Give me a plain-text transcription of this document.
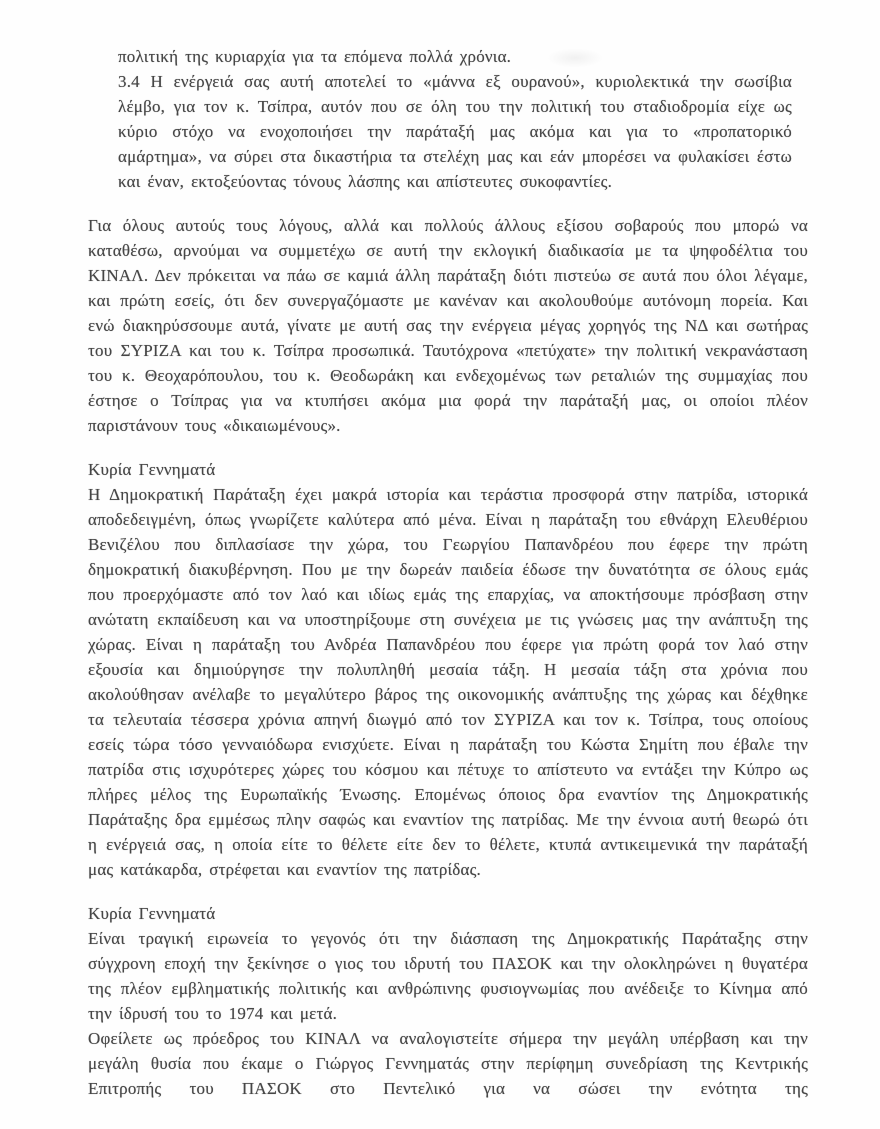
πολιτική της κυριαρχία για τα επόμενα πολλά χρόνια.

3.4 Η ενέργειά σας αυτή αποτελεί το «μάννα εξ ουρανού», κυριολεκτικά την σωσίβια λέμβο, για τον κ. Τσίπρα, αυτόν που σε όλη του την πολιτική του σταδιοδρομία είχε ως κύριο στόχο να ενοχοποιήσει την παράταξή μας ακόμα και για το «προπατορικό αμάρτημα», να σύρει στα δικαστήρια τα στελέχη μας και εάν μπορέσει να φυλακίσει έστω και έναν, εκτοξεύοντας τόνους λάσπης και απίστευτες συκοφαντίες.

Για όλους αυτούς τους λόγους, αλλά και πολλούς άλλους εξίσου σοβαρούς που μπορώ να καταθέσω, αρνούμαι να συμμετέχω σε αυτή την εκλογική διαδικασία με τα ψηφοδέλτια του ΚΙΝΑΛ. Δεν πρόκειται να πάω σε καμιά άλλη παράταξη διότι πιστεύω σε αυτά που όλοι λέγαμε, και πρώτη εσείς, ότι δεν συνεργαζόμαστε με κανέναν και ακολουθούμε αυτόνομη πορεία. Και ενώ διακηρύσσουμε αυτά, γίνατε με αυτή σας την ενέργεια μέγας χορηγός της ΝΔ και σωτήρας του ΣΥΡΙΖΑ και του κ. Τσίπρα προσωπικά. Ταυτόχρονα «πετύχατε» την πολιτική νεκρανάσταση του κ. Θεοχαρόπουλου, του κ. Θεοδωράκη και ενδεχομένως των ρεταλιών της συμμαχίας που έστησε ο Τσίπρας για να κτυπήσει ακόμα μια φορά την παράταξή μας, οι οποίοι πλέον παριστάνουν τους «δικαιωμένους».

Κυρία Γεννηματά

Η Δημοκρατική Παράταξη έχει μακρά ιστορία και τεράστια προσφορά στην πατρίδα, ιστορικά αποδεδειγμένη, όπως γνωρίζετε καλύτερα από μένα. Είναι η παράταξη του εθνάρχη Ελευθέριου Βενιζέλου που διπλασίασε την χώρα, του Γεωργίου Παπανδρέου που έφερε την πρώτη δημοκρατική διακυβέρνηση. Που με την δωρεάν παιδεία έδωσε την δυνατότητα σε όλους εμάς που προερχόμαστε από τον λαό και ιδίως εμάς της επαρχίας, να αποκτήσουμε πρόσβαση στην ανώτατη εκπαίδευση και να υποστηρίξουμε στη συνέχεια με τις γνώσεις μας την ανάπτυξη της χώρας. Είναι η παράταξη του Ανδρέα Παπανδρέου που έφερε για πρώτη φορά τον λαό στην εξουσία και δημιούργησε την πολυπληθή μεσαία τάξη. Η μεσαία τάξη στα χρόνια που ακολούθησαν ανέλαβε το μεγαλύτερο βάρος της οικονομικής ανάπτυξης της χώρας και δέχθηκε τα τελευταία τέσσερα χρόνια απηνή διωγμό από τον ΣΥΡΙΖΑ και τον κ. Τσίπρα, τους οποίους εσείς τώρα τόσο γενναιόδωρα ενισχύετε. Είναι η παράταξη του Κώστα Σημίτη που έβαλε την πατρίδα στις ισχυρότερες χώρες του κόσμου και πέτυχε το απίστευτο να εντάξει την Κύπρο ως πλήρες μέλος της Ευρωπαϊκής Ένωσης. Επομένως όποιος δρα εναντίον της Δημοκρατικής Παράταξης δρα εμμέσως πλην σαφώς και εναντίον της πατρίδας. Με την έννοια αυτή θεωρώ ότι η ενέργειά σας, η οποία είτε το θέλετε είτε δεν το θέλετε, κτυπά αντικειμενικά την παράταξή μας κατάκαρδα, στρέφεται και εναντίον της πατρίδας.

Κυρία Γεννηματά

Είναι τραγική ειρωνεία το γεγονός ότι την διάσπαση της Δημοκρατικής Παράταξης στην σύγχρονη εποχή την ξεκίνησε ο γιος του ιδρυτή του ΠΑΣΟΚ και την ολοκληρώνει η θυγατέρα της πλέον εμβληματικής πολιτικής και ανθρώπινης φυσιογνωμίας που ανέδειξε το Κίνημα από την ίδρυσή του το 1974 και μετά.

Οφείλετε ως πρόεδρος του ΚΙΝΑΛ να αναλογιστείτε σήμερα την μεγάλη υπέρβαση και την μεγάλη θυσία που έκαμε ο Γιώργος Γεννηματάς στην περίφημη συνεδρίαση της Κεντρικής Επιτροπής του ΠΑΣΟΚ στο Πεντελικό για να σώσει την ενότητα της
